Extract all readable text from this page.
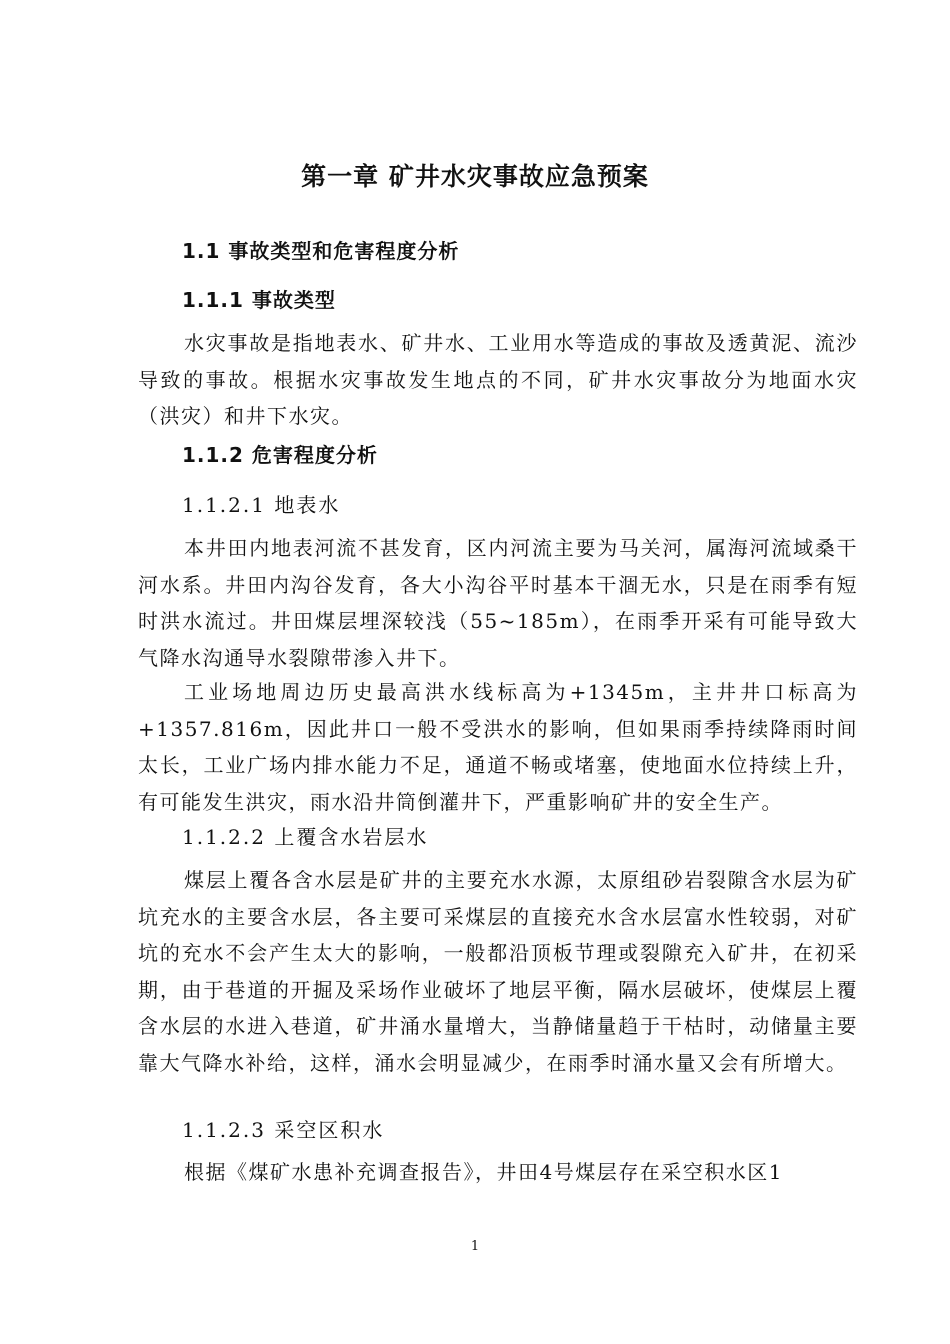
第一章 矿井水灾事故应急预案
1.1 事故类型和危害程度分析
1.1.1 事故类型
水灾事故是指地表水、矿井水、工业用水等造成的事故及透黄泥、流沙导致的事故。根据水灾事故发生地点的不同，矿井水灾事故分为地面水灾（洪灾）和井下水灾。
1.1.2 危害程度分析
1.1.2.1 地表水
本井田内地表河流不甚发育，区内河流主要为马关河，属海河流域桑干河水系。井田内沟谷发育，各大小沟谷平时基本干涸无水，只是在雨季有短时洪水流过。井田煤层埋深较浅（55~185m），在雨季开采有可能导致大气降水沟通导水裂隙带渗入井下。
工业场地周边历史最高洪水线标高为+1345m，主井井口标高为+1357.816m，因此井口一般不受洪水的影响，但如果雨季持续降雨时间太长，工业广场内排水能力不足，通道不畅或堵塞，使地面水位持续上升，有可能发生洪灾，雨水沿井筒倒灌井下，严重影响矿井的安全生产。
1.1.2.2 上覆含水岩层水
煤层上覆各含水层是矿井的主要充水水源，太原组砂岩裂隙含水层为矿坑充水的主要含水层，各主要可采煤层的直接充水含水层富水性较弱，对矿坑的充水不会产生太大的影响，一般都沿顶板节理或裂隙充入矿井，在初采期，由于巷道的开掘及采场作业破坏了地层平衡，隔水层破坏，使煤层上覆含水层的水进入巷道，矿井涌水量增大，当静储量趋于干枯时，动储量主要靠大气降水补给，这样，涌水会明显减少，在雨季时涌水量又会有所增大。
1.1.2.3 采空区积水
根据《煤矿水患补充调查报告》，井田4号煤层存在采空积水区1
1
